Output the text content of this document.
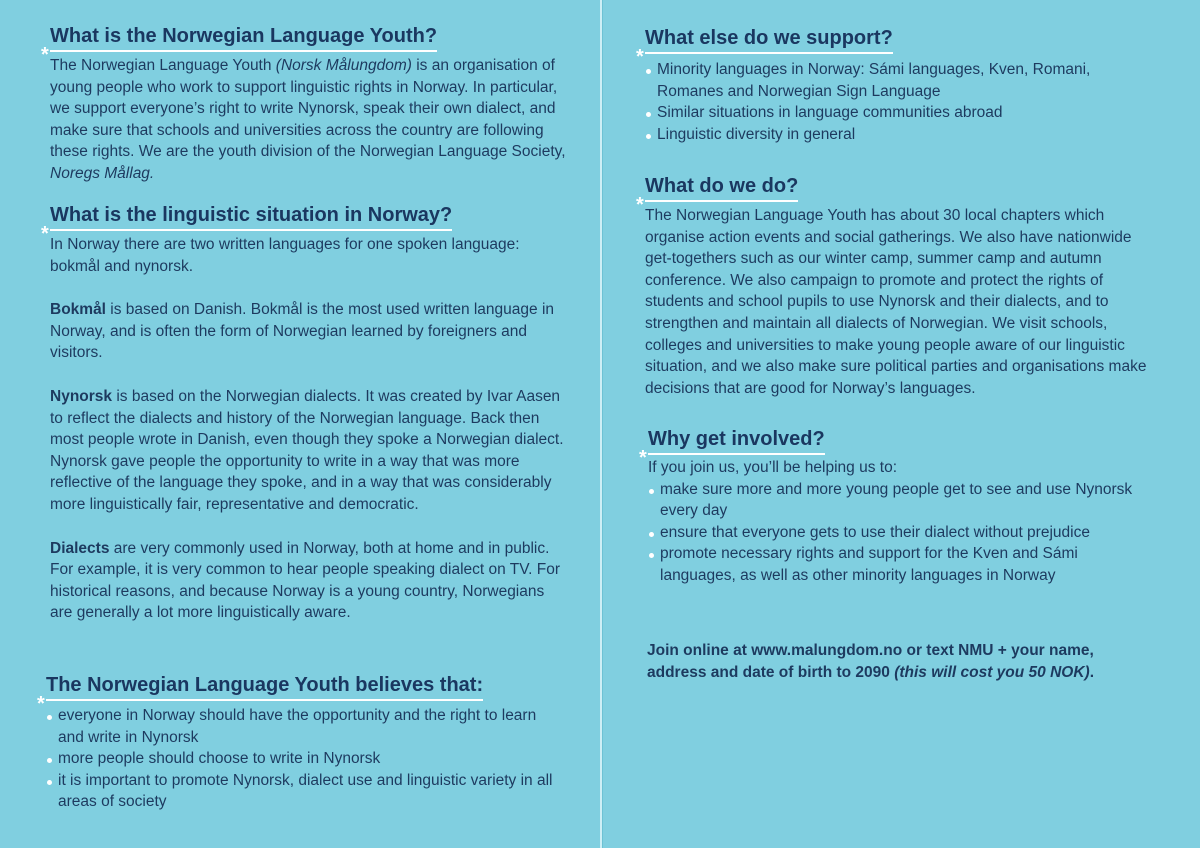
*
What is the Norwegian Language Youth?

The Norwegian Language Youth (Norsk Målungdom) is an organisation of young people who work to support linguistic rights in Norway. In particular, we support everyone’s right to write Nynorsk, speak their own dialect, and make sure that schools and universities across the country are following these rights. We are the youth division of the Norwegian Language Society, Noregs Mållag.

*
What is the linguistic situation in Norway?

In Norway there are two written languages for one spoken language: bokmål and nynorsk.

Bokmål is based on Danish. Bokmål is the most used written language in Norway, and is often the form of Norwegian learned by foreigners and visitors.

Nynorsk is based on the Norwegian dialects. It was created by Ivar Aasen to reflect the dialects and history of the Norwegian language. Back then most people wrote in Danish, even though they spoke a Norwegian dialect. Nynorsk gave people the opportunity to write in a way that was more reflective of the language they spoke, and in a way that was considerably more linguistically fair, representative and democratic.

Dialects are very commonly used in Norway, both at home and in public. For example, it is very common to hear people speaking dialect on TV. For historical reasons, and because Norway is a young country, Norwegians are generally a lot more linguistically aware.

*
The Norwegian Language Youth believes that:
everyone in Norway should have the opportunity and the right to learn and write in Nynorsk
more people should choose to write in Nynorsk
it is important to promote Nynorsk, dialect use and linguistic variety in all areas of society
*
What else do we support?
Minority languages in Norway: Sámi languages, Kven, Romani, Romanes and Norwegian Sign Language
Similar situations in language communities abroad
Linguistic diversity in general
*
What do we do?

The Norwegian Language Youth has about 30 local chapters which organise action events and social gatherings. We also have nationwide get-togethers such as our winter camp, summer camp and autumn conference. We also campaign to promote and protect the rights of students and school pupils to use Nynorsk and their dialects, and to strengthen and maintain all dialects of Norwegian. We visit schools, colleges and universities to make young people aware of our linguistic situation, and we also make sure political parties and organisations make decisions that are good for Norway’s languages.

*
Why get involved?

If you join us, you’ll be helping us to:

make sure more and more young people get to see and use Nynorsk every day
ensure that everyone gets to use their dialect without prejudice
promote necessary rights and support for the Kven and Sámi languages, as well as other minority languages in Norway

Join online at www.malungdom.no or text NMU + your name, address and date of birth to 2090 (this will cost you 50 NOK).
